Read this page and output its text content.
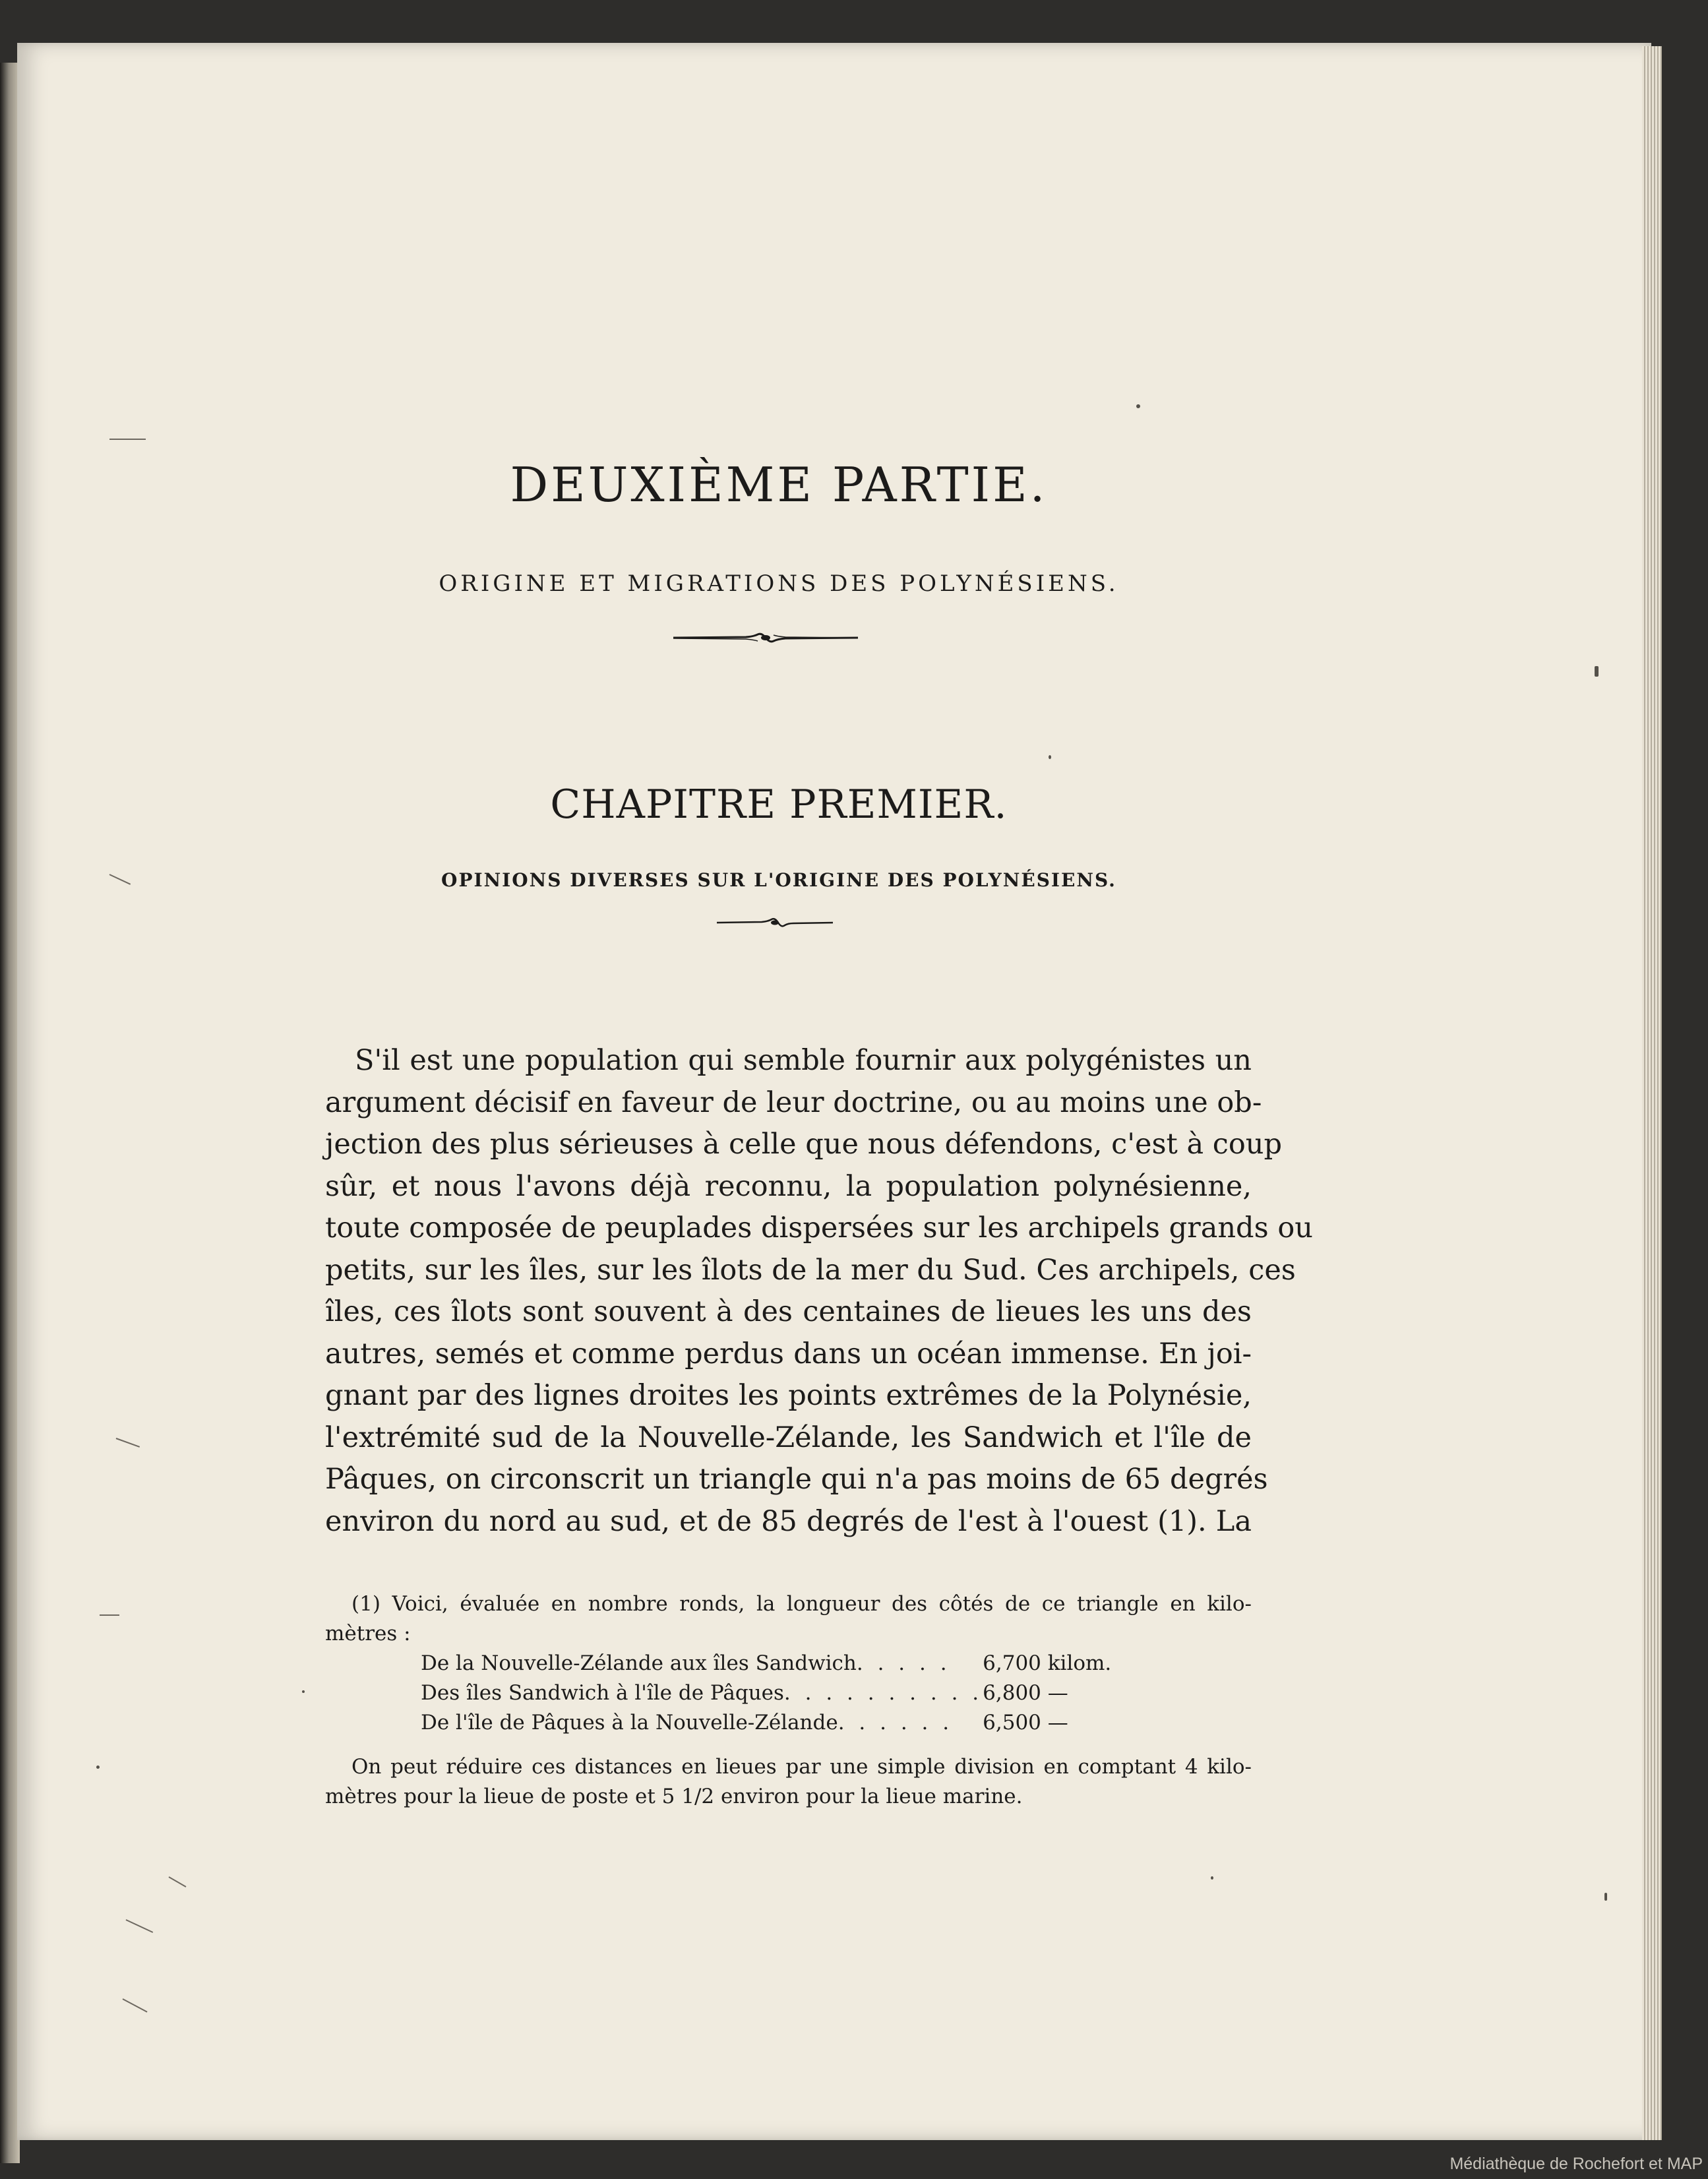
DEUXIÈME PARTIE.
ORIGINE ET MIGRATIONS DES POLYNÉSIENS.
CHAPITRE PREMIER.
OPINIONS DIVERSES SUR L'ORIGINE DES POLYNÉSIENS.
S'il est une population qui semble fournir aux polygénistes un
argument décisif en faveur de leur doctrine, ou au moins une ob-
jection des plus sérieuses à celle que nous défendons, c'est à coup
sûr, et nous l'avons déjà reconnu, la population polynésienne,
toute composée de peuplades dispersées sur les archipels grands ou
petits, sur les îles, sur les îlots de la mer du Sud. Ces archipels, ces
îles, ces îlots sont souvent à des centaines de lieues les uns des
autres, semés et comme perdus dans un océan immense. En joi-
gnant par des lignes droites les points extrêmes de la Polynésie,
l'extrémité sud de la Nouvelle-Zélande, les Sandwich et l'île de
Pâques, on circonscrit un triangle qui n'a pas moins de 65 degrés
environ du nord au sud, et de 85 degrés de l'est à l'ouest (1). La
(1) Voici, évaluée en nombre ronds, la longueur des côtés de ce triangle en kilo-
mètres :
De la Nouvelle-Zélande aux îles Sandwich. . . . .	6,700 kilom.
Des îles Sandwich à l'île de Pâques. . . . . . . . . .	6,800 —
De l'île de Pâques à la Nouvelle-Zélande. . . . . .	6,500 —
On peut réduire ces distances en lieues par une simple division en comptant 4 kilo-
mètres pour la lieue de poste et 5 1/2 environ pour la lieue marine.
Médiathèque de Rochefort et MAP
